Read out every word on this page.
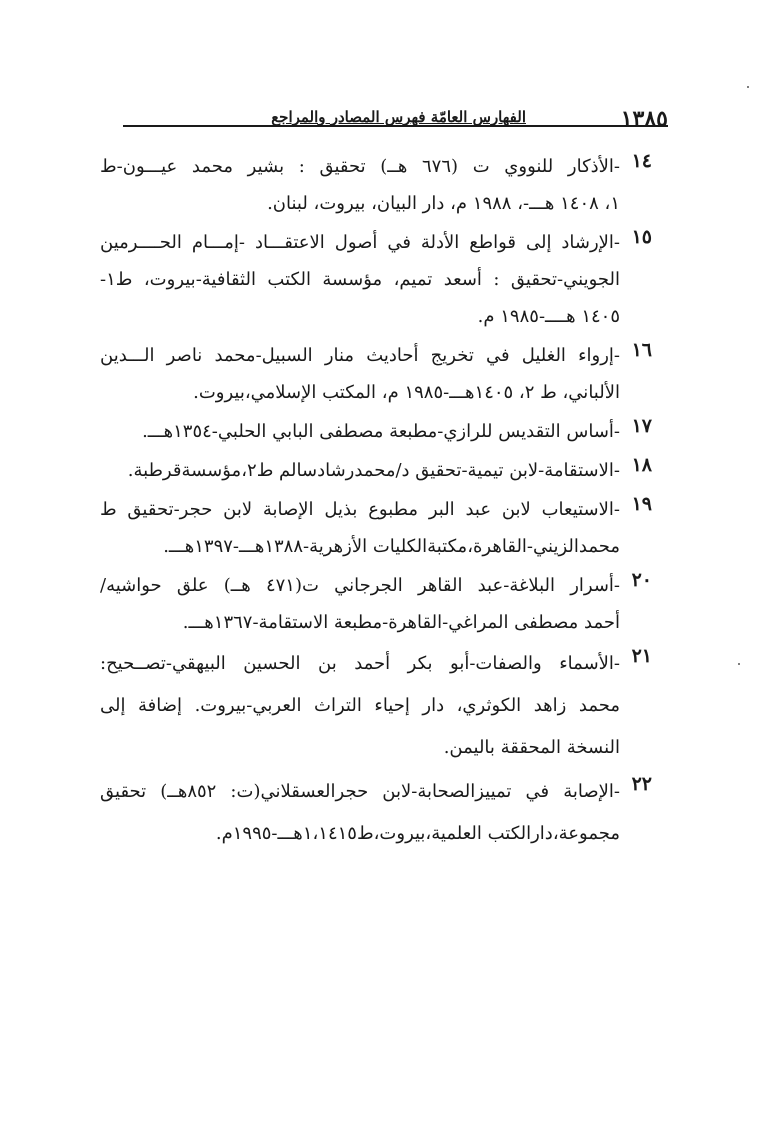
١٣٨٥
الفهارس العامّة فهرس المصادر والمراجع
١٤
-الأذكار للنووي ت (٦٧٦ هــ) تحقيق : بشير محمد عيـــون-ط
١، ١٤٠٨ هـــ-، ١٩٨٨ م، دار البيان، بيروت، لبنان.
١٥
-الإرشاد إلى قواطع الأدلة في أصول الاعتقـــاد -إمـــام الحــــرمين
الجويني-تحقيق : أسعد تميم، مؤسسة الكتب الثقافية-بيروت، ط١-
١٤٠٥ هــــ-١٩٨٥ م.
١٦
-إرواء الغليل في تخريج أحاديث منار السبيل-محمد ناصر الـــدين
الألباني، ط ٢، ١٤٠٥هـــ-١٩٨٥ م، المكتب الإسلامي،بيروت.
١٧
-أساس التقديس للرازي-مطبعة مصطفى البابي الحلبي-١٣٥٤هـــ.
١٨
-الاستقامة-لابن تيمية-تحقيق د/محمدرشادسالم ط٢،مؤسسةقرطبة.
١٩
-الاستيعاب لابن عبد البر مطبوع بذيل الإصابة لابن حجر-تحقيق ط
محمدالزيني-القاهرة،مكتبةالكليات الأزهرية-١٣٨٨هـــ-١٣٩٧هـــ.
٢٠
-أسرار البلاغة-عبد القاهر الجرجاني ت(٤٧١ هــ) علق حواشيه/
أحمد مصطفى المراغي-القاهرة-مطبعة الاستقامة-١٣٦٧هـــ.
٢١
-الأسماء والصفات-أبو بكر أحمد بن الحسين البيهقي-تصــحيح:
محمد زاهد الكوثري، دار إحياء التراث العربي-بيروت. إضافة إلى
النسخة المحققة باليمن.
٢٢
-الإصابة في تمييزالصحابة-لابن حجرالعسقلاني(ت: ٨٥٢هــ) تحقيق
مجموعة،دارالكتب العلمية،بيروت،ط١،١٤١٥هـــ-١٩٩٥م.
